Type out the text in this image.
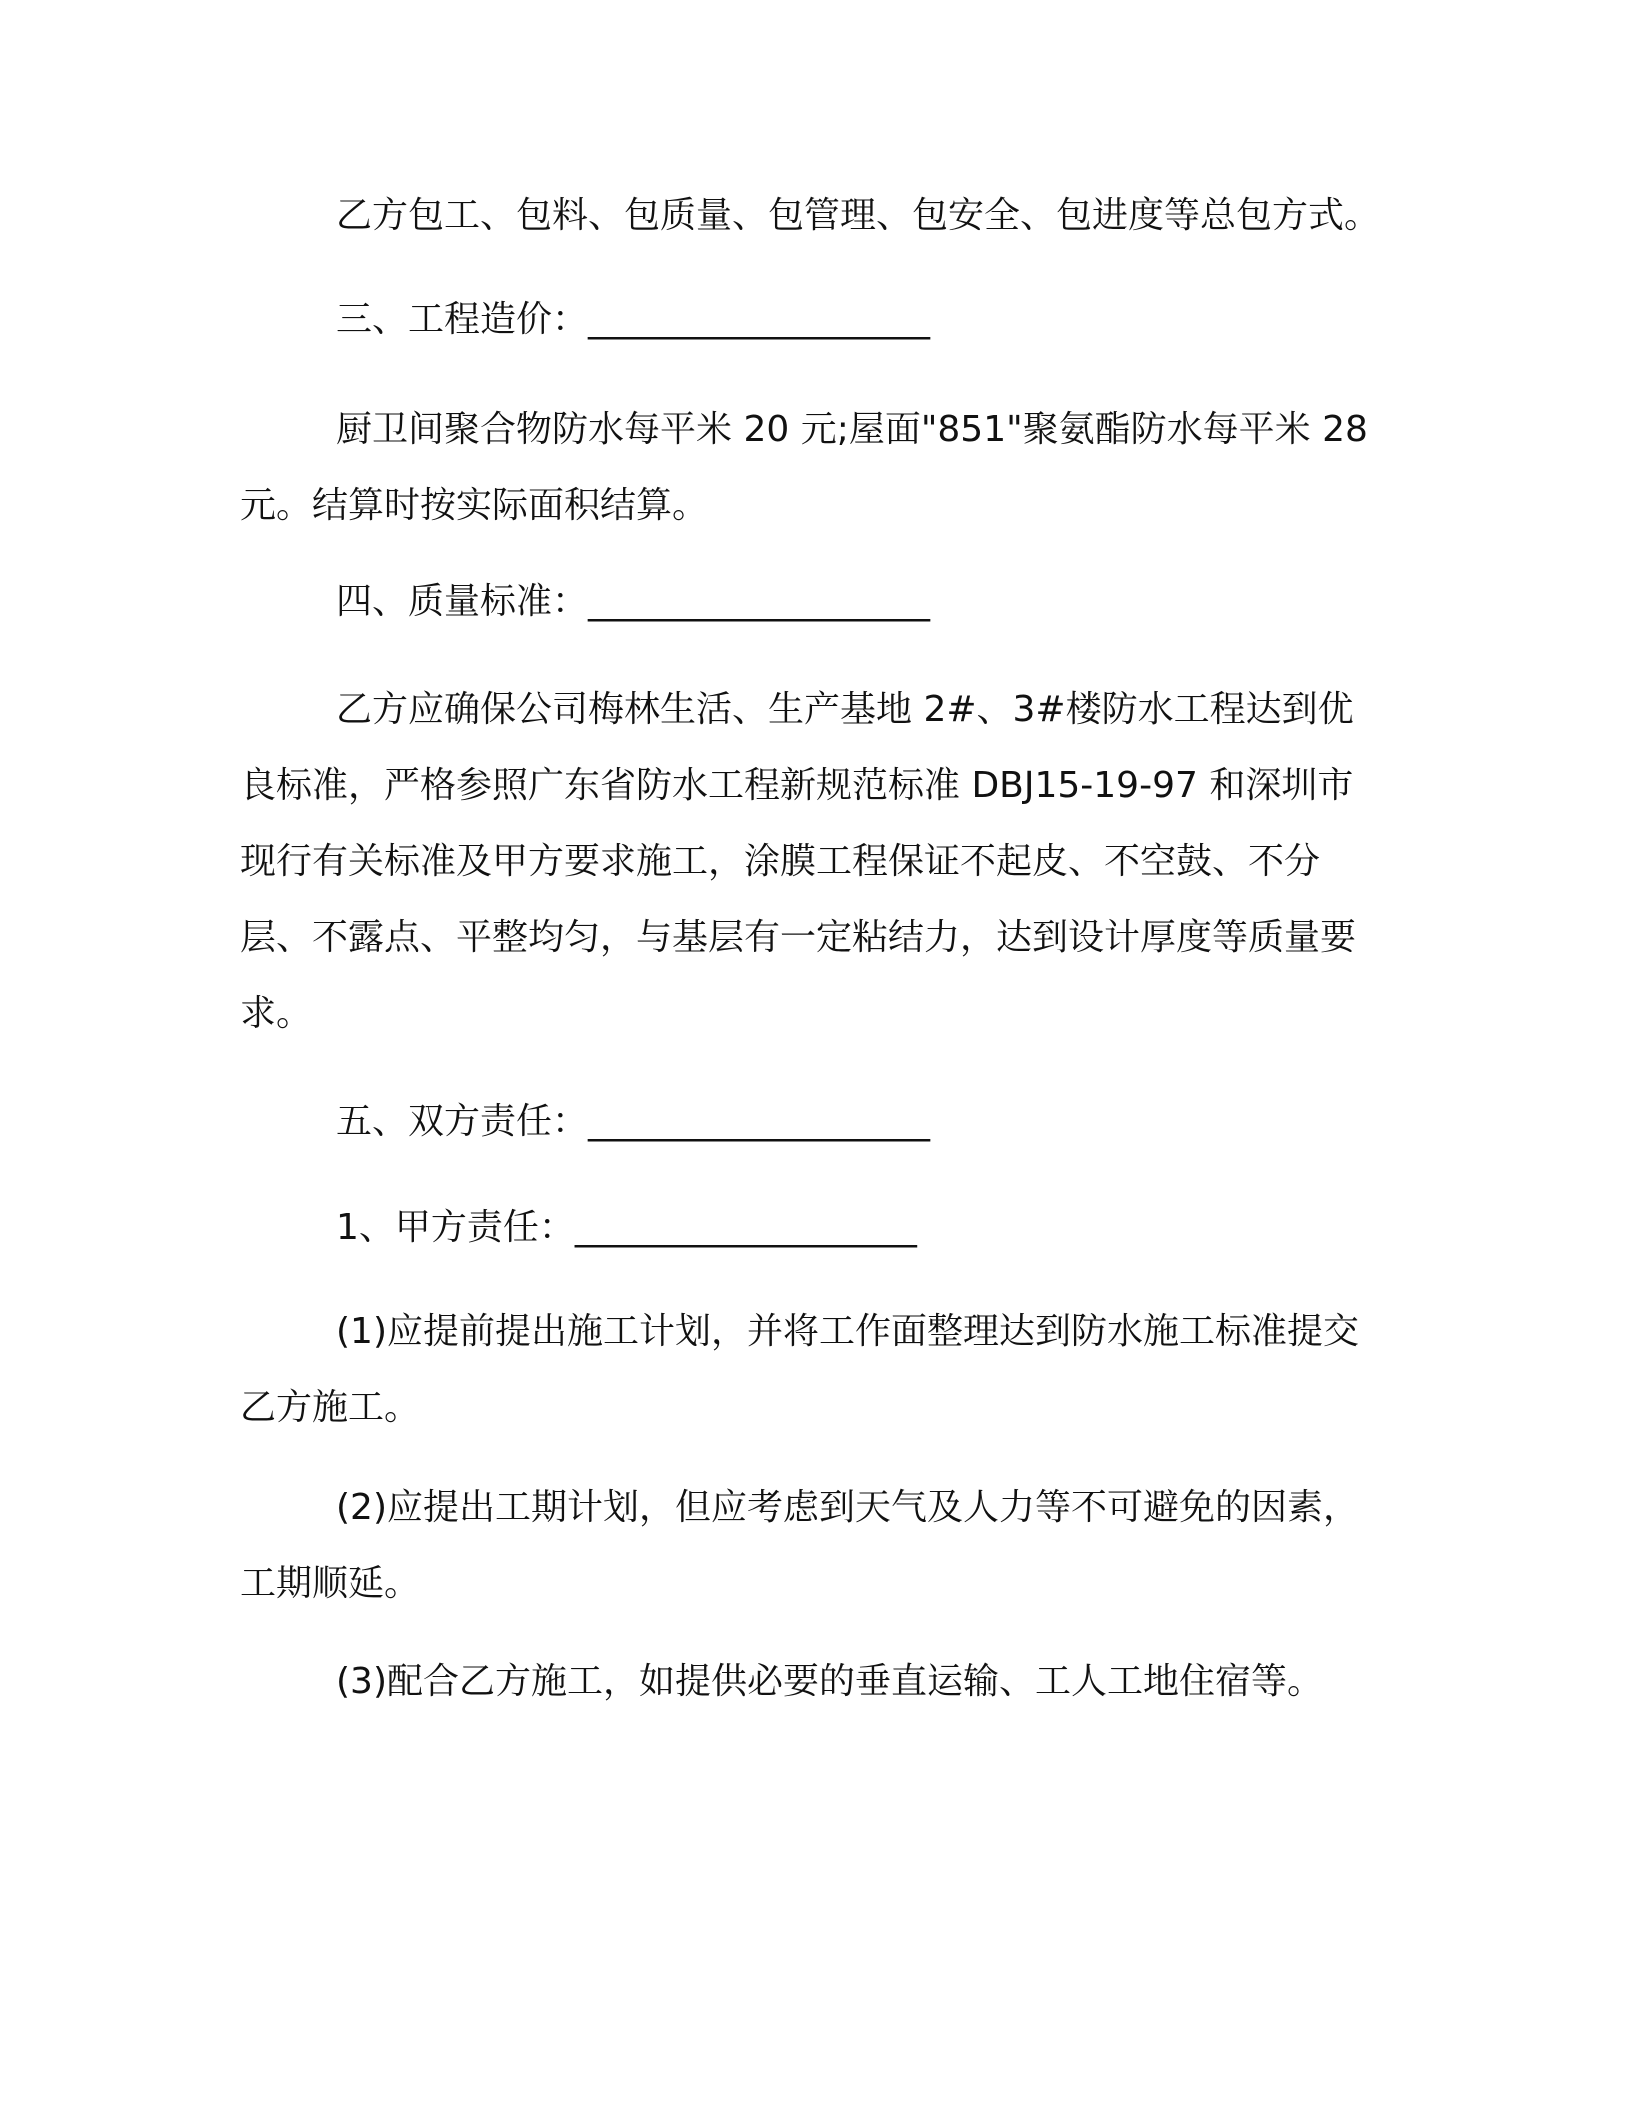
乙方包工、包料、包质量、包管理、包安全、包进度等总包方式。

三、工程造价：___________________

厨卫间聚合物防水每平米 20 元;屋面"851"聚氨酯防水每平米 28 元。结算时按实际面积结算。

四、质量标准：___________________

乙方应确保公司梅林生活、生产基地 2#、3#楼防水工程达到优良标准，严格参照广东省防水工程新规范标准 DBJ15-19-97 和深圳市现行有关标准及甲方要求施工，涂膜工程保证不起皮、不空鼓、不分层、不露点、平整均匀，与基层有一定粘结力，达到设计厚度等质量要求。

五、双方责任：___________________

1、甲方责任：___________________

(1)应提前提出施工计划，并将工作面整理达到防水施工标准提交乙方施工。

(2)应提出工期计划，但应考虑到天气及人力等不可避免的因素，工期顺延。

(3)配合乙方施工，如提供必要的垂直运输、工人工地住宿等。
